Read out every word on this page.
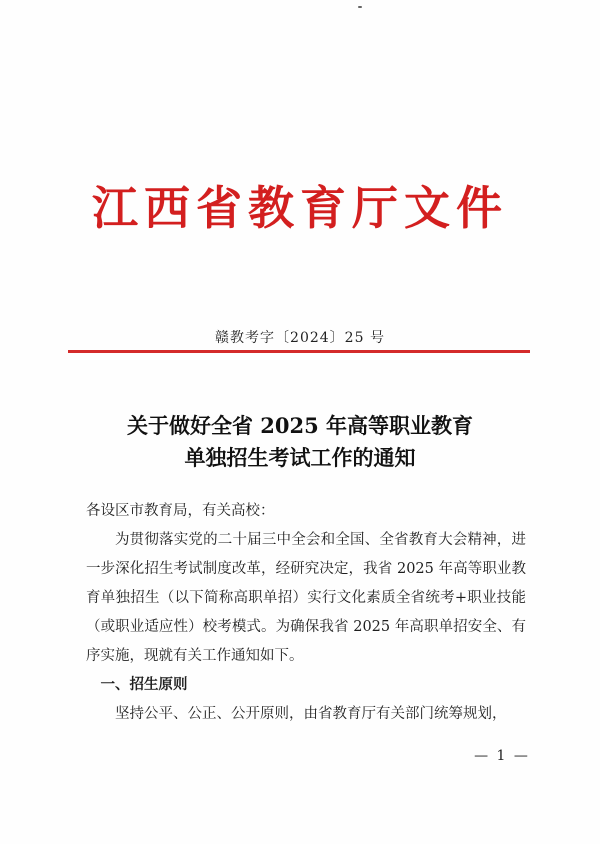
江西省教育厅文件
赣教考字〔2024〕25 号
关于做好全省 2025 年高等职业教育
单独招生考试工作的通知

各设区市教育局，有关高校：

为贯彻落实党的二十届三中全会和全国、全省教育大会精神，进一步深化招生考试制度改革，经研究决定，我省 2025 年高等职业教育单独招生（以下简称高职单招）实行文化素质全省统考+职业技能（或职业适应性）校考模式。为确保我省 2025 年高职单招安全、有序实施，现就有关工作通知如下。

一、招生原则

坚持公平、公正、公开原则，由省教育厅有关部门统筹规划，

— 1 —
